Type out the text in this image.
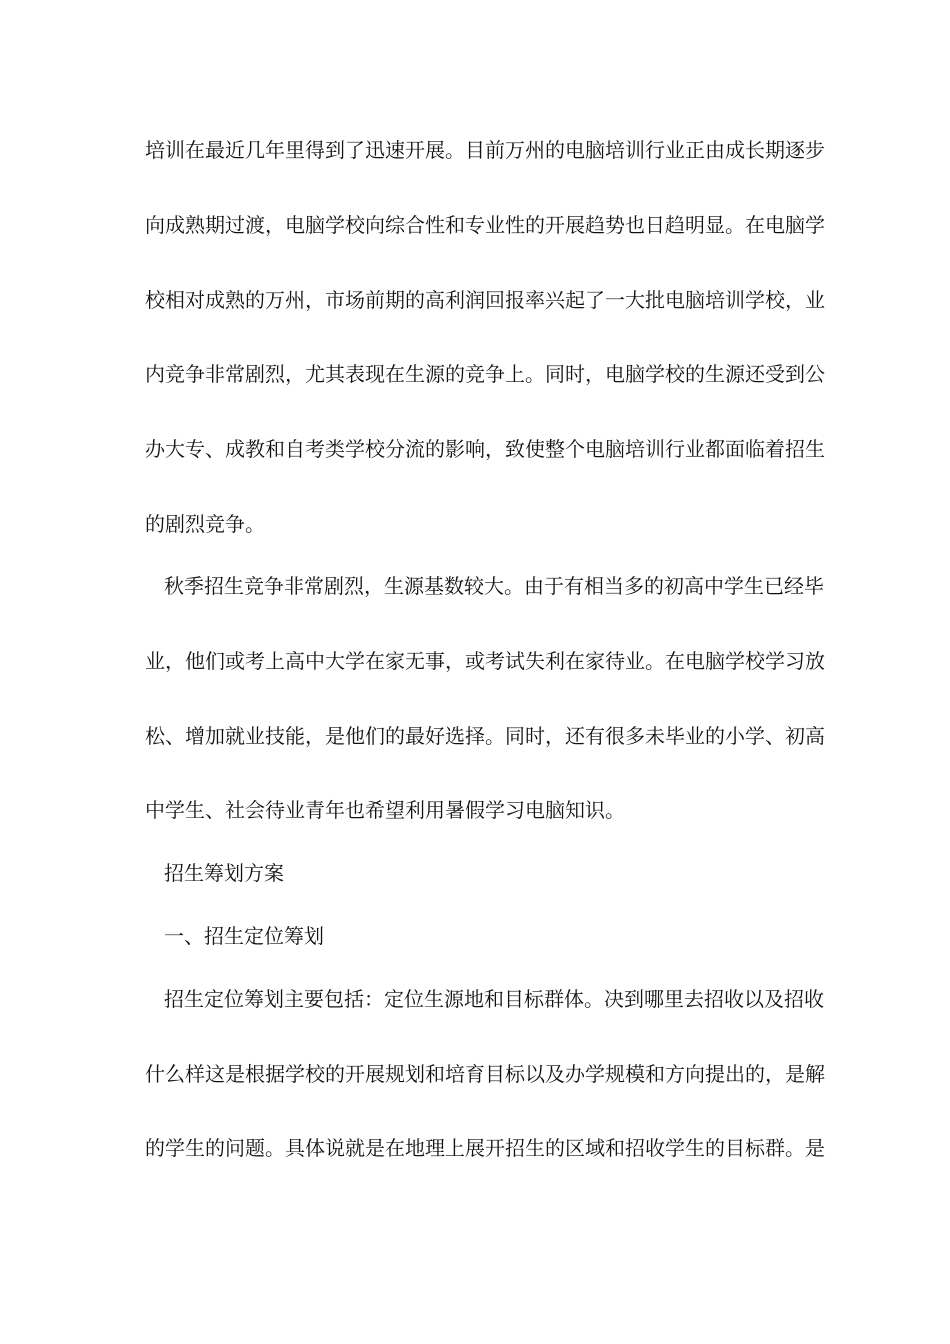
培训在最近几年里得到了迅速开展。目前万州的电脑培训行业正由成长期逐步
向成熟期过渡，电脑学校向综合性和专业性的开展趋势也日趋明显。在电脑学
校相对成熟的万州，市场前期的高利润回报率兴起了一大批电脑培训学校，业
内竞争非常剧烈，尤其表现在生源的竞争上。同时，电脑学校的生源还受到公
办大专、成教和自考类学校分流的影响，致使整个电脑培训行业都面临着招生
的剧烈竞争。
秋季招生竞争非常剧烈，生源基数较大。由于有相当多的初高中学生已经毕
业，他们或考上高中大学在家无事，或考试失利在家待业。在电脑学校学习放
松、增加就业技能，是他们的最好选择。同时，还有很多未毕业的小学、初高
中学生、社会待业青年也希望利用暑假学习电脑知识。
招生筹划方案
一、招生定位筹划
招生定位筹划主要包括：定位生源地和目标群体。决到哪里去招收以及招收
什么样这是根据学校的开展规划和培育目标以及办学规模和方向提出的，是解
的学生的问题。具体说就是在地理上展开招生的区域和招收学生的目标群。是
